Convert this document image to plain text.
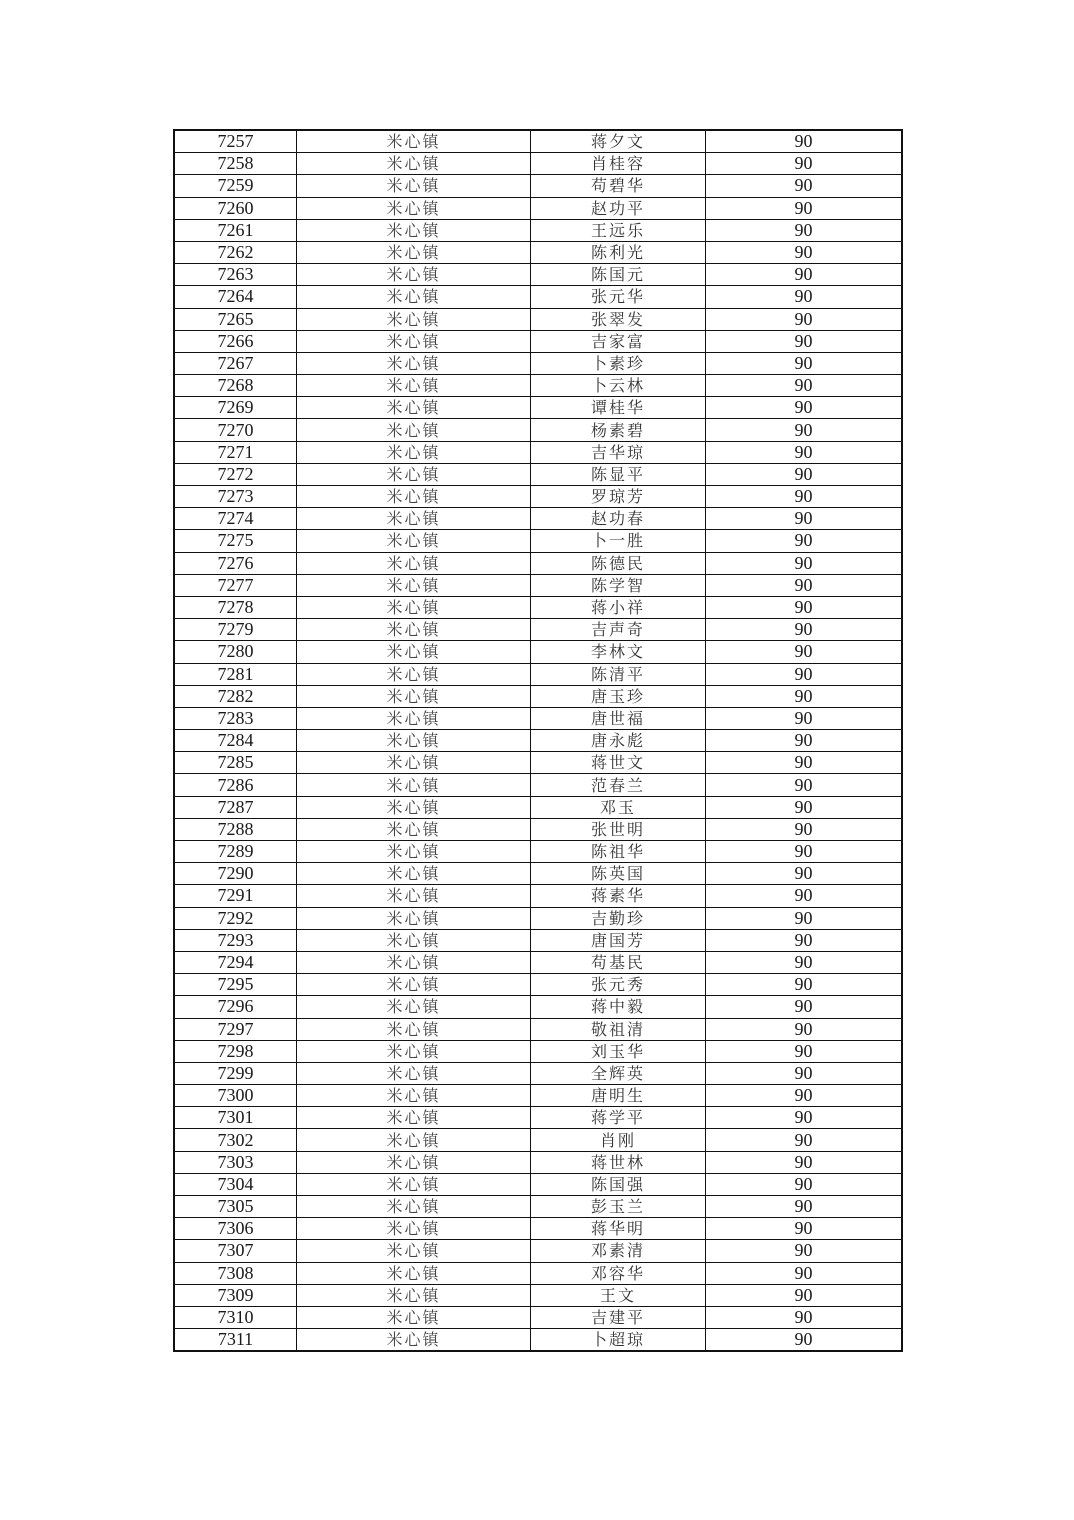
7257	米心镇	蒋夕文	90
7258	米心镇	肖桂容	90
7259	米心镇	苟碧华	90
7260	米心镇	赵功平	90
7261	米心镇	王远乐	90
7262	米心镇	陈利光	90
7263	米心镇	陈国元	90
7264	米心镇	张元华	90
7265	米心镇	张翠发	90
7266	米心镇	吉家富	90
7267	米心镇	卜素珍	90
7268	米心镇	卜云林	90
7269	米心镇	谭桂华	90
7270	米心镇	杨素碧	90
7271	米心镇	吉华琼	90
7272	米心镇	陈显平	90
7273	米心镇	罗琼芳	90
7274	米心镇	赵功春	90
7275	米心镇	卜一胜	90
7276	米心镇	陈德民	90
7277	米心镇	陈学智	90
7278	米心镇	蒋小祥	90
7279	米心镇	吉声奇	90
7280	米心镇	李林文	90
7281	米心镇	陈清平	90
7282	米心镇	唐玉珍	90
7283	米心镇	唐世福	90
7284	米心镇	唐永彪	90
7285	米心镇	蒋世文	90
7286	米心镇	范春兰	90
7287	米心镇	邓玉	90
7288	米心镇	张世明	90
7289	米心镇	陈祖华	90
7290	米心镇	陈英国	90
7291	米心镇	蒋素华	90
7292	米心镇	吉勤珍	90
7293	米心镇	唐国芳	90
7294	米心镇	苟基民	90
7295	米心镇	张元秀	90
7296	米心镇	蒋中毅	90
7297	米心镇	敬祖清	90
7298	米心镇	刘玉华	90
7299	米心镇	全辉英	90
7300	米心镇	唐明生	90
7301	米心镇	蒋学平	90
7302	米心镇	肖刚	90
7303	米心镇	蒋世林	90
7304	米心镇	陈国强	90
7305	米心镇	彭玉兰	90
7306	米心镇	蒋华明	90
7307	米心镇	邓素清	90
7308	米心镇	邓容华	90
7309	米心镇	王文	90
7310	米心镇	吉建平	90
7311	米心镇	卜超琼	90
